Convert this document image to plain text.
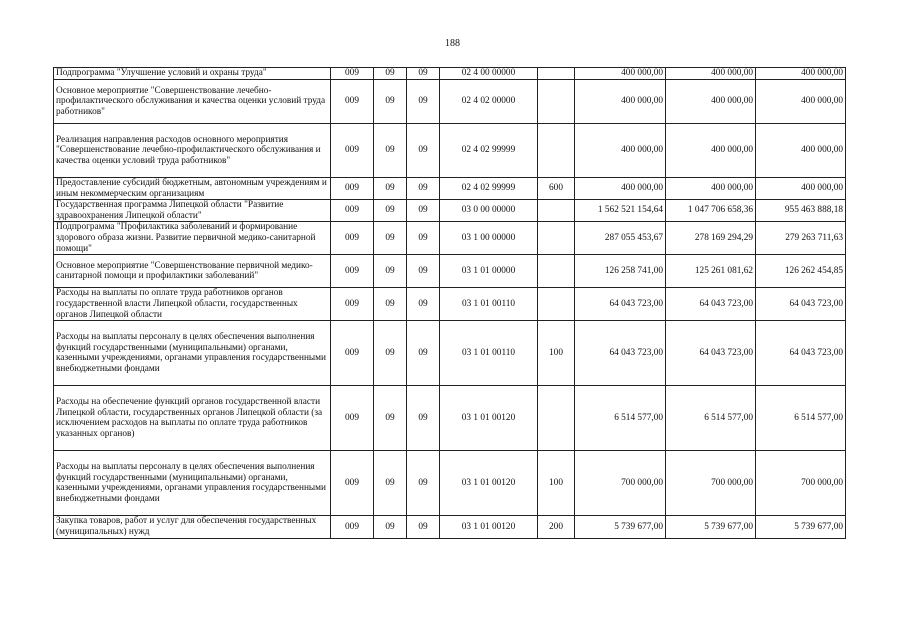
188
Подпрограмма "Улучшение условий и охраны труда"	009	09	09	02 4 00 00000		400 000,00	400 000,00	400 000,00
Основное мероприятие "Совершенствование лечебно-профилактического обслуживания и качества оценки условий труда работников"	009	09	09	02 4 02 00000		400 000,00	400 000,00	400 000,00
Реализация направления расходов основного мероприятия "Совершенствование лечебно-профилактического обслуживания и качества оценки условий труда работников"	009	09	09	02 4 02 99999		400 000,00	400 000,00	400 000,00
Предоставление субсидий бюджетным, автономным учреждениям и иным некоммерческим организациям	009	09	09	02 4 02 99999	600	400 000,00	400 000,00	400 000,00
Государственная программа Липецкой области "Развитие здравоохранения Липецкой области"	009	09	09	03 0 00 00000		1 562 521 154,64	1 047 706 658,36	955 463 888,18
Подпрограмма "Профилактика заболеваний и формирование здорового образа жизни. Развитие первичной медико-санитарной помощи"	009	09	09	03 1 00 00000		287 055 453,67	278 169 294,29	279 263 711,63
Основное мероприятие "Совершенствование первичной медико-санитарной помощи и профилактики заболеваний"	009	09	09	03 1 01 00000		126 258 741,00	125 261 081,62	126 262 454,85
Расходы на выплаты по оплате труда работников органов государственной власти Липецкой области, государственных органов Липецкой области	009	09	09	03 1 01 00110		64 043 723,00	64 043 723,00	64 043 723,00
Расходы на выплаты персоналу в целях обеспечения выполнения функций государственными (муниципальными) органами, казенными учреждениями, органами управления государственными внебюджетными фондами	009	09	09	03 1 01 00110	100	64 043 723,00	64 043 723,00	64 043 723,00
Расходы на обеспечение функций органов государственной власти Липецкой области, государственных органов Липецкой области (за исключением расходов на выплаты по оплате труда работников указанных органов)	009	09	09	03 1 01 00120		6 514 577,00	6 514 577,00	6 514 577,00
Расходы на выплаты персоналу в целях обеспечения выполнения функций государственными (муниципальными) органами, казенными учреждениями, органами управления государственными внебюджетными фондами	009	09	09	03 1 01 00120	100	700 000,00	700 000,00	700 000,00
Закупка товаров, работ и услуг для обеспечения государственных (муниципальных) нужд	009	09	09	03 1 01 00120	200	5 739 677,00	5 739 677,00	5 739 677,00
